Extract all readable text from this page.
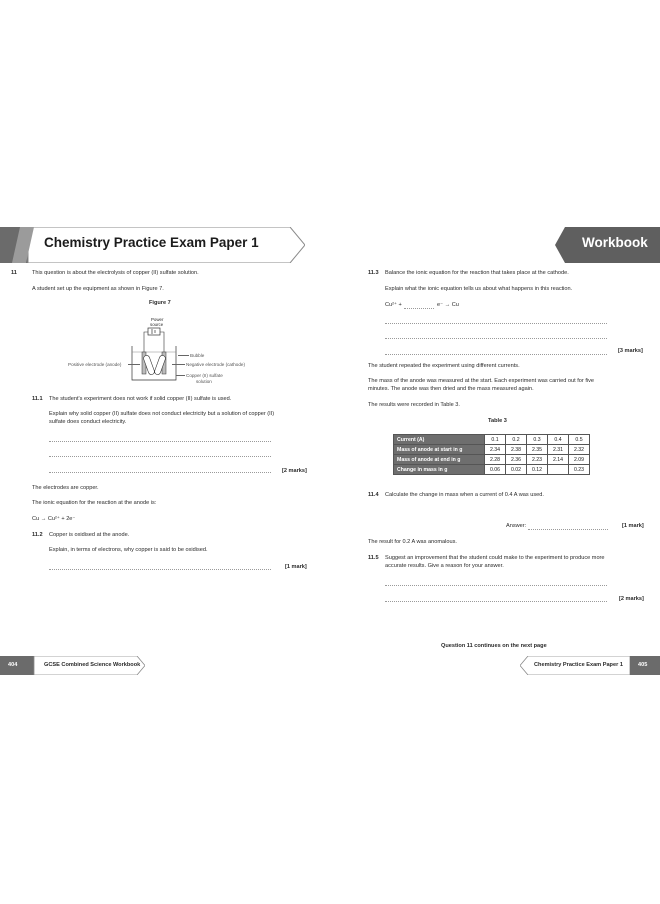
Chemistry Practice Exam Paper 1	Workbook
11	This question is about the electrolysis of copper (II) sulfate solution.
A student set up the equipment as shown in Figure 7.
Figure 7
Power
source
Positive electrode (anode)
Bubble
Negative electrode (cathode)
Copper (II) sulfate
solution
11.1 The student's experiment does not work if solid copper (II) sulfate is used.
Explain why solid copper (II) sulfate does not conduct electricity but a solution of copper (II)
sulfate does conduct electricity.
[2 marks]
The electrodes are copper.
The ionic equation for the reaction at the anode is:
Cu → Cu²⁺ + 2e⁻
11.2 Copper is oxidised at the anode.
Explain, in terms of electrons, why copper is said to be oxidised.
[1 mark]
11.3 Balance the ionic equation for the reaction that takes place at the cathode.
Explain what the ionic equation tells us about what happens in this reaction.
Cu²⁺ +	e⁻ → Cu
[3 marks]
The student repeated the experiment using different currents.
The mass of the anode was measured at the start. Each experiment was carried out for five
minutes. The anode was then dried and the mass measured again.
The results were recorded in Table 3.
Table 3
Current (A)	0.1	0.2	0.3	0.4	0.5
Mass of anode at start in g	2.34	2.38	2.35	2.31	2.32
Mass of anode at end in g	2.28	2.36	2.23	2.14	2.09
Change in mass in g	0.06	0.02	0.12		0.23
11.4 Calculate the change in mass when a current of 0.4 A was used.
Answer:	[1 mark]
The result for 0.2 A was anomalous.
11.5 Suggest an improvement that the student could make to the experiment to produce more
accurate results. Give a reason for your answer.
[2 marks]
Question 11 continues on the next page
404	GCSE Combined Science Workbook	Chemistry Practice Exam Paper 1	405
